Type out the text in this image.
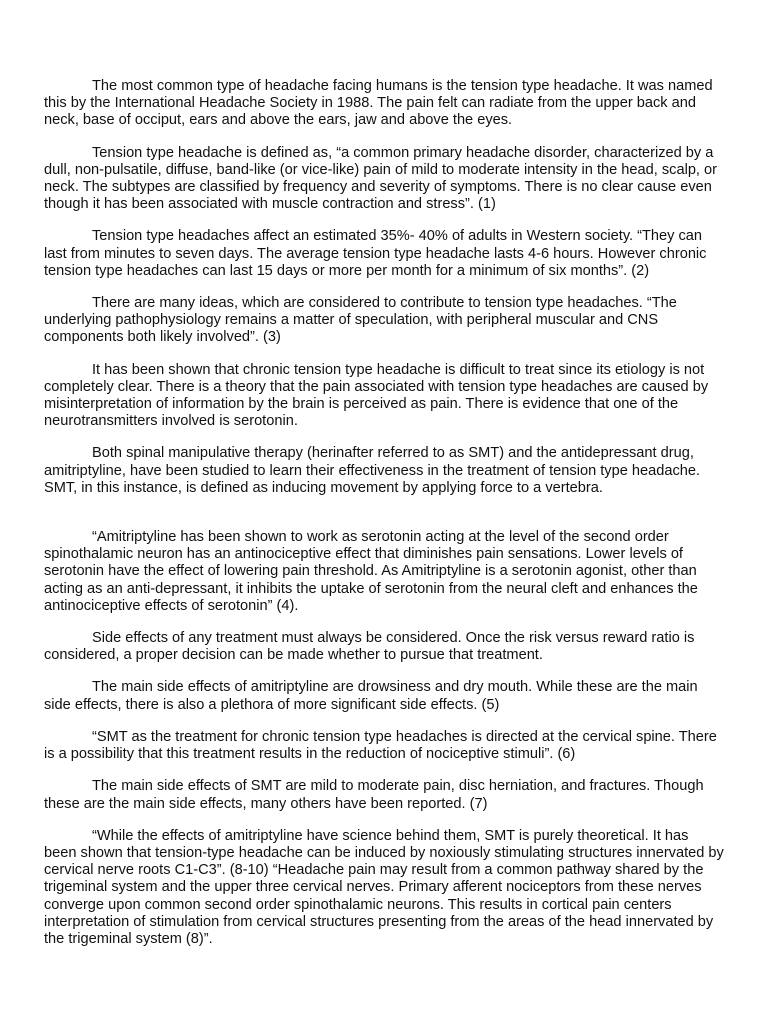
The most common type of headache facing humans is the tension type headache. It was named this by the International Headache Society in 1988. The pain felt can radiate from the upper back and neck, base of occiput, ears and above the ears, jaw and above the eyes.

Tension type headache is defined as, “a common primary headache disorder, characterized by a dull, non-pulsatile, diffuse, band-like (or vice-like) pain of mild to moderate intensity in the head, scalp, or neck. The subtypes are classified by frequency and severity of symptoms. There is no clear cause even though it has been associated with muscle contraction and stress”. (1)

Tension type headaches affect an estimated 35%- 40% of adults in Western society. “They can last from minutes to seven days. The average tension type headache lasts 4-6 hours. However chronic tension type headaches can last 15 days or more per month for a minimum of six months”. (2)

There are many ideas, which are considered to contribute to tension type headaches. “The underlying pathophysiology remains a matter of speculation, with peripheral muscular and CNS components both likely involved”. (3)

It has been shown that chronic tension type headache is difficult to treat since its etiology is not completely clear. There is a theory that the pain associated with tension type headaches are caused by misinterpretation of information by the brain is perceived as pain. There is evidence that one of the neurotransmitters involved is serotonin.

Both spinal manipulative therapy (herinafter referred to as SMT) and the antidepressant drug, amitriptyline, have been studied to learn their effectiveness in the treatment of tension type headache. SMT, in this instance, is defined as inducing movement by applying force to a vertebra.

“Amitriptyline has been shown to work as serotonin acting at the level of the second order spinothalamic neuron has an antinociceptive effect that diminishes pain sensations. Lower levels of serotonin have the effect of lowering pain threshold. As Amitriptyline is a serotonin agonist, other than acting as an anti-depressant, it inhibits the uptake of serotonin from the neural cleft and enhances the antinociceptive effects of serotonin” (4).

Side effects of any treatment must always be considered. Once the risk versus reward ratio is considered, a proper decision can be made whether to pursue that treatment.

The main side effects of amitriptyline are drowsiness and dry mouth. While these are the main side effects, there is also a plethora of more significant side effects. (5)

“SMT as the treatment for chronic tension type headaches is directed at the cervical spine. There is a possibility that this treatment results in the reduction of nociceptive stimuli”. (6)

The main side effects of SMT are mild to moderate pain, disc herniation, and fractures. Though these are the main side effects, many others have been reported. (7)

“While the effects of amitriptyline have science behind them, SMT is purely theoretical. It has been shown that tension-type headache can be induced by noxiously stimulating structures innervated by cervical nerve roots C1-C3”. (8-10) “Headache pain may result from a common pathway shared by the trigeminal system and the upper three cervical nerves. Primary afferent nociceptors from these nerves converge upon common second order spinothalamic neurons. This results in cortical pain centers interpretation of stimulation from cervical structures presenting from the areas of the head innervated by the trigeminal system (8)”.
